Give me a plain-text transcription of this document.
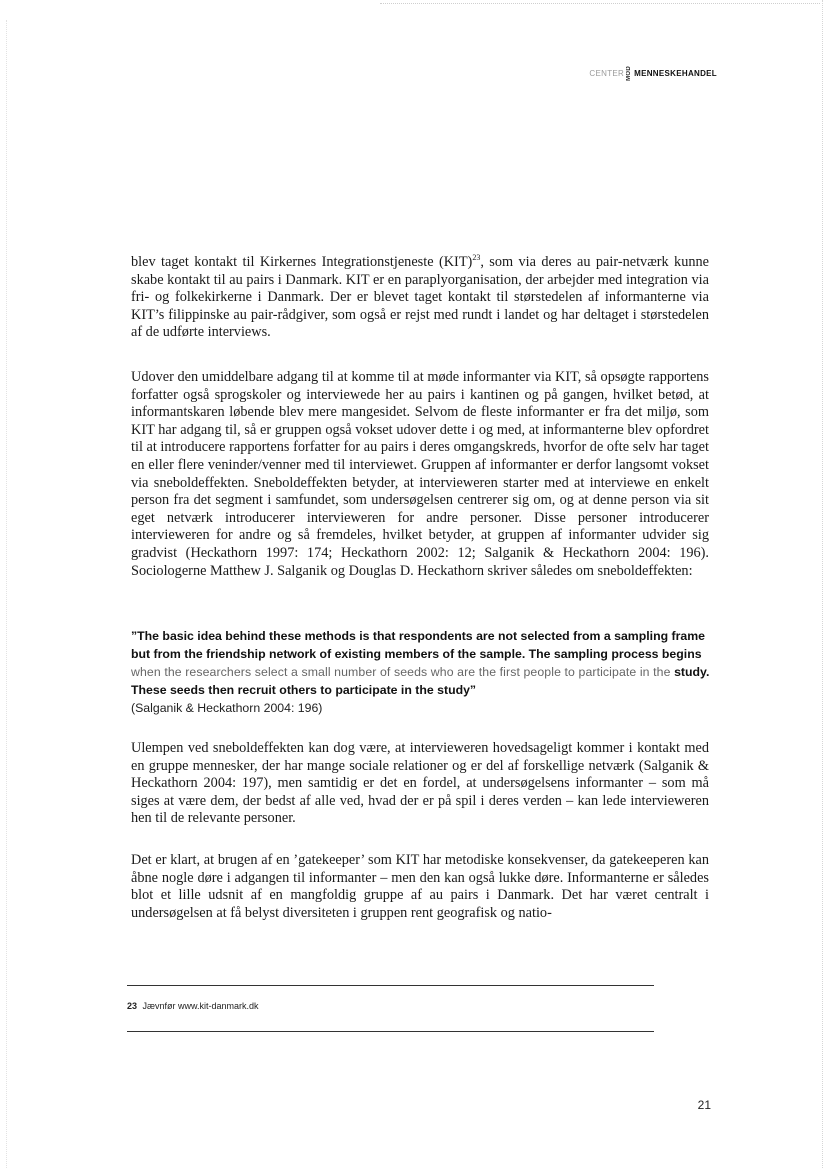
CENTER MOD MENNESKEHANDEL
blev taget kontakt til Kirkernes Integrationstjeneste (KIT)$^{23}$, som via deres au pair-netværk kunne skabe kontakt til au pairs i Danmark. KIT er en paraplyorganisation, der arbejder med integration via fri- og folkekirkerne i Danmark. Der er blevet taget kontakt til størstedelen af informanterne via KIT’s filippinske au pair-rådgiver, som også er rejst med rundt i landet og har deltaget i størstedelen af de udførte interviews.
Udover den umiddelbare adgang til at komme til at møde informanter via KIT, så opsøgte rapportens forfatter også sprogskoler og interviewede her au pairs i kantinen og på gangen, hvilket betød, at informantskaren løbende blev mere mangesidet. Selvom de fleste informanter er fra det miljø, som KIT har adgang til, så er gruppen også vokset udover dette i og med, at informanterne blev opfordret til at introducere rapportens forfatter for au pairs i deres omgangskreds, hvorfor de ofte selv har taget en eller flere veninder/venner med til interviewet. Gruppen af informanter er derfor langsomt vokset via sneboldeffekten. Sneboldeffekten betyder, at intervieweren starter med at interviewe en enkelt person fra det segment i samfundet, som undersøgelsen centrerer sig om, og at denne person via sit eget netværk introducerer intervieweren for andre personer. Disse personer introducerer intervieweren for andre og så fremdeles, hvilket betyder, at gruppen af informanter udvider sig gradvist (Heckathorn 1997: 174; Heckathorn 2002: 12; Salganik & Heckathorn 2004: 196). Sociologerne Matthew J. Salganik og Douglas D. Heckathorn skriver således om sneboldeffekten:
”The basic idea behind these methods is that respondents are not selected from a sampling frame but from the friendship network of existing members of the sample. The sampling process begins when the researchers select a small number of seeds who are the first people to participate in the study. These seeds then recruit others to participate in the study”
(Salganik & Heckathorn 2004: 196)
Ulempen ved sneboldeffekten kan dog være, at intervieweren hovedsageligt kommer i kontakt med en gruppe mennesker, der har mange sociale relationer og er del af forskellige netværk (Salganik & Heckathorn 2004: 197), men samtidig er det en fordel, at undersøgelsens informanter – som må siges at være dem, der bedst af alle ved, hvad der er på spil i deres verden – kan lede intervieweren hen til de relevante personer.
Det er klart, at brugen af en ’gatekeeper’ som KIT har metodiske konsekvenser, da gatekeeperen kan åbne nogle døre i adgangen til informanter – men den kan også lukke døre. Informanterne er således blot et lille udsnit af en mangfoldig gruppe af au pairs i Danmark. Det har været centralt i undersøgelsen at få belyst diversiteten i gruppen rent geografisk og natio-
23 Jævnfør www.kit-danmark.dk
21
